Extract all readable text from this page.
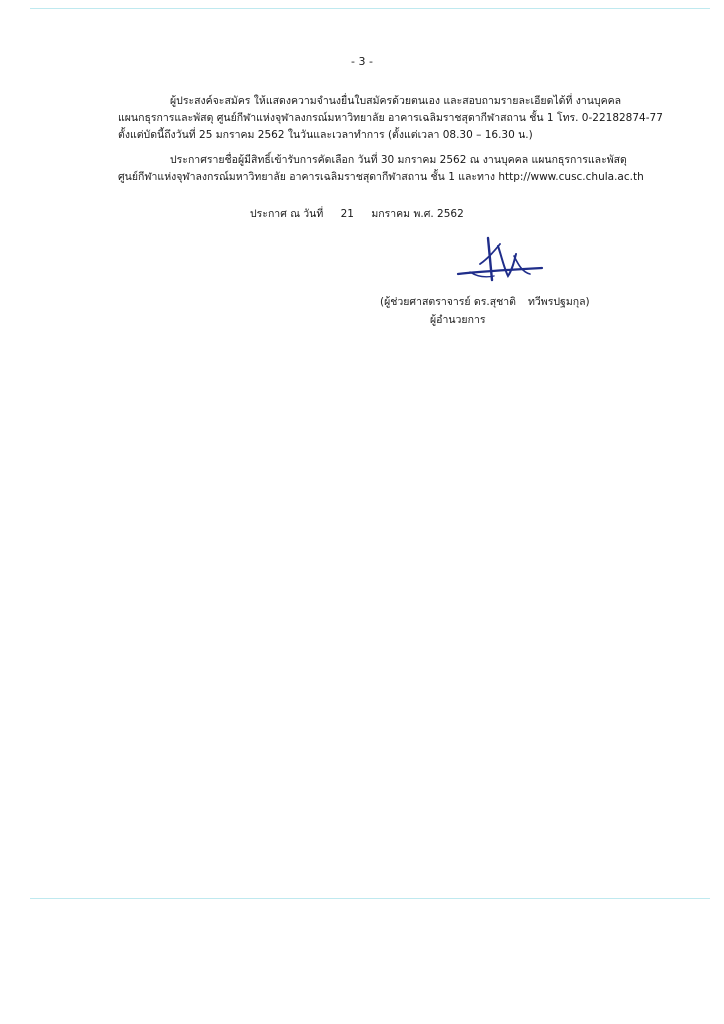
- 3 -
ผู้ประสงค์จะสมัคร ให้แสดงความจำนงยื่นใบสมัครด้วยตนเอง และสอบถามรายละเอียดได้ที่ งานบุคคล
แผนกธุรการและพัสดุ ศูนย์กีฬาแห่งจุฬาลงกรณ์มหาวิทยาลัย อาคารเฉลิมราชสุดากีฬาสถาน ชั้น 1 โทร. 0-22182874-77
ตั้งแต่บัดนี้ถึงวันที่ 25 มกราคม 2562 ในวันและเวลาทำการ (ตั้งแต่เวลา 08.30 – 16.30 น.)
ประกาศรายชื่อผู้มีสิทธิ์เข้ารับการคัดเลือก วันที่ 30 มกราคม 2562 ณ งานบุคคล แผนกธุรการและพัสดุ
ศูนย์กีฬาแห่งจุฬาลงกรณ์มหาวิทยาลัย อาคารเฉลิมราชสุดากีฬาสถาน ชั้น 1 และทาง http://www.cusc.chula.ac.th
ประกาศ ณ วันที่ 21 มกราคม พ.ศ. 2562
(ผู้ช่วยศาสตราจารย์ ดร.สุชาติ ทวีพรปฐมกุล)
ผู้อำนวยการ
